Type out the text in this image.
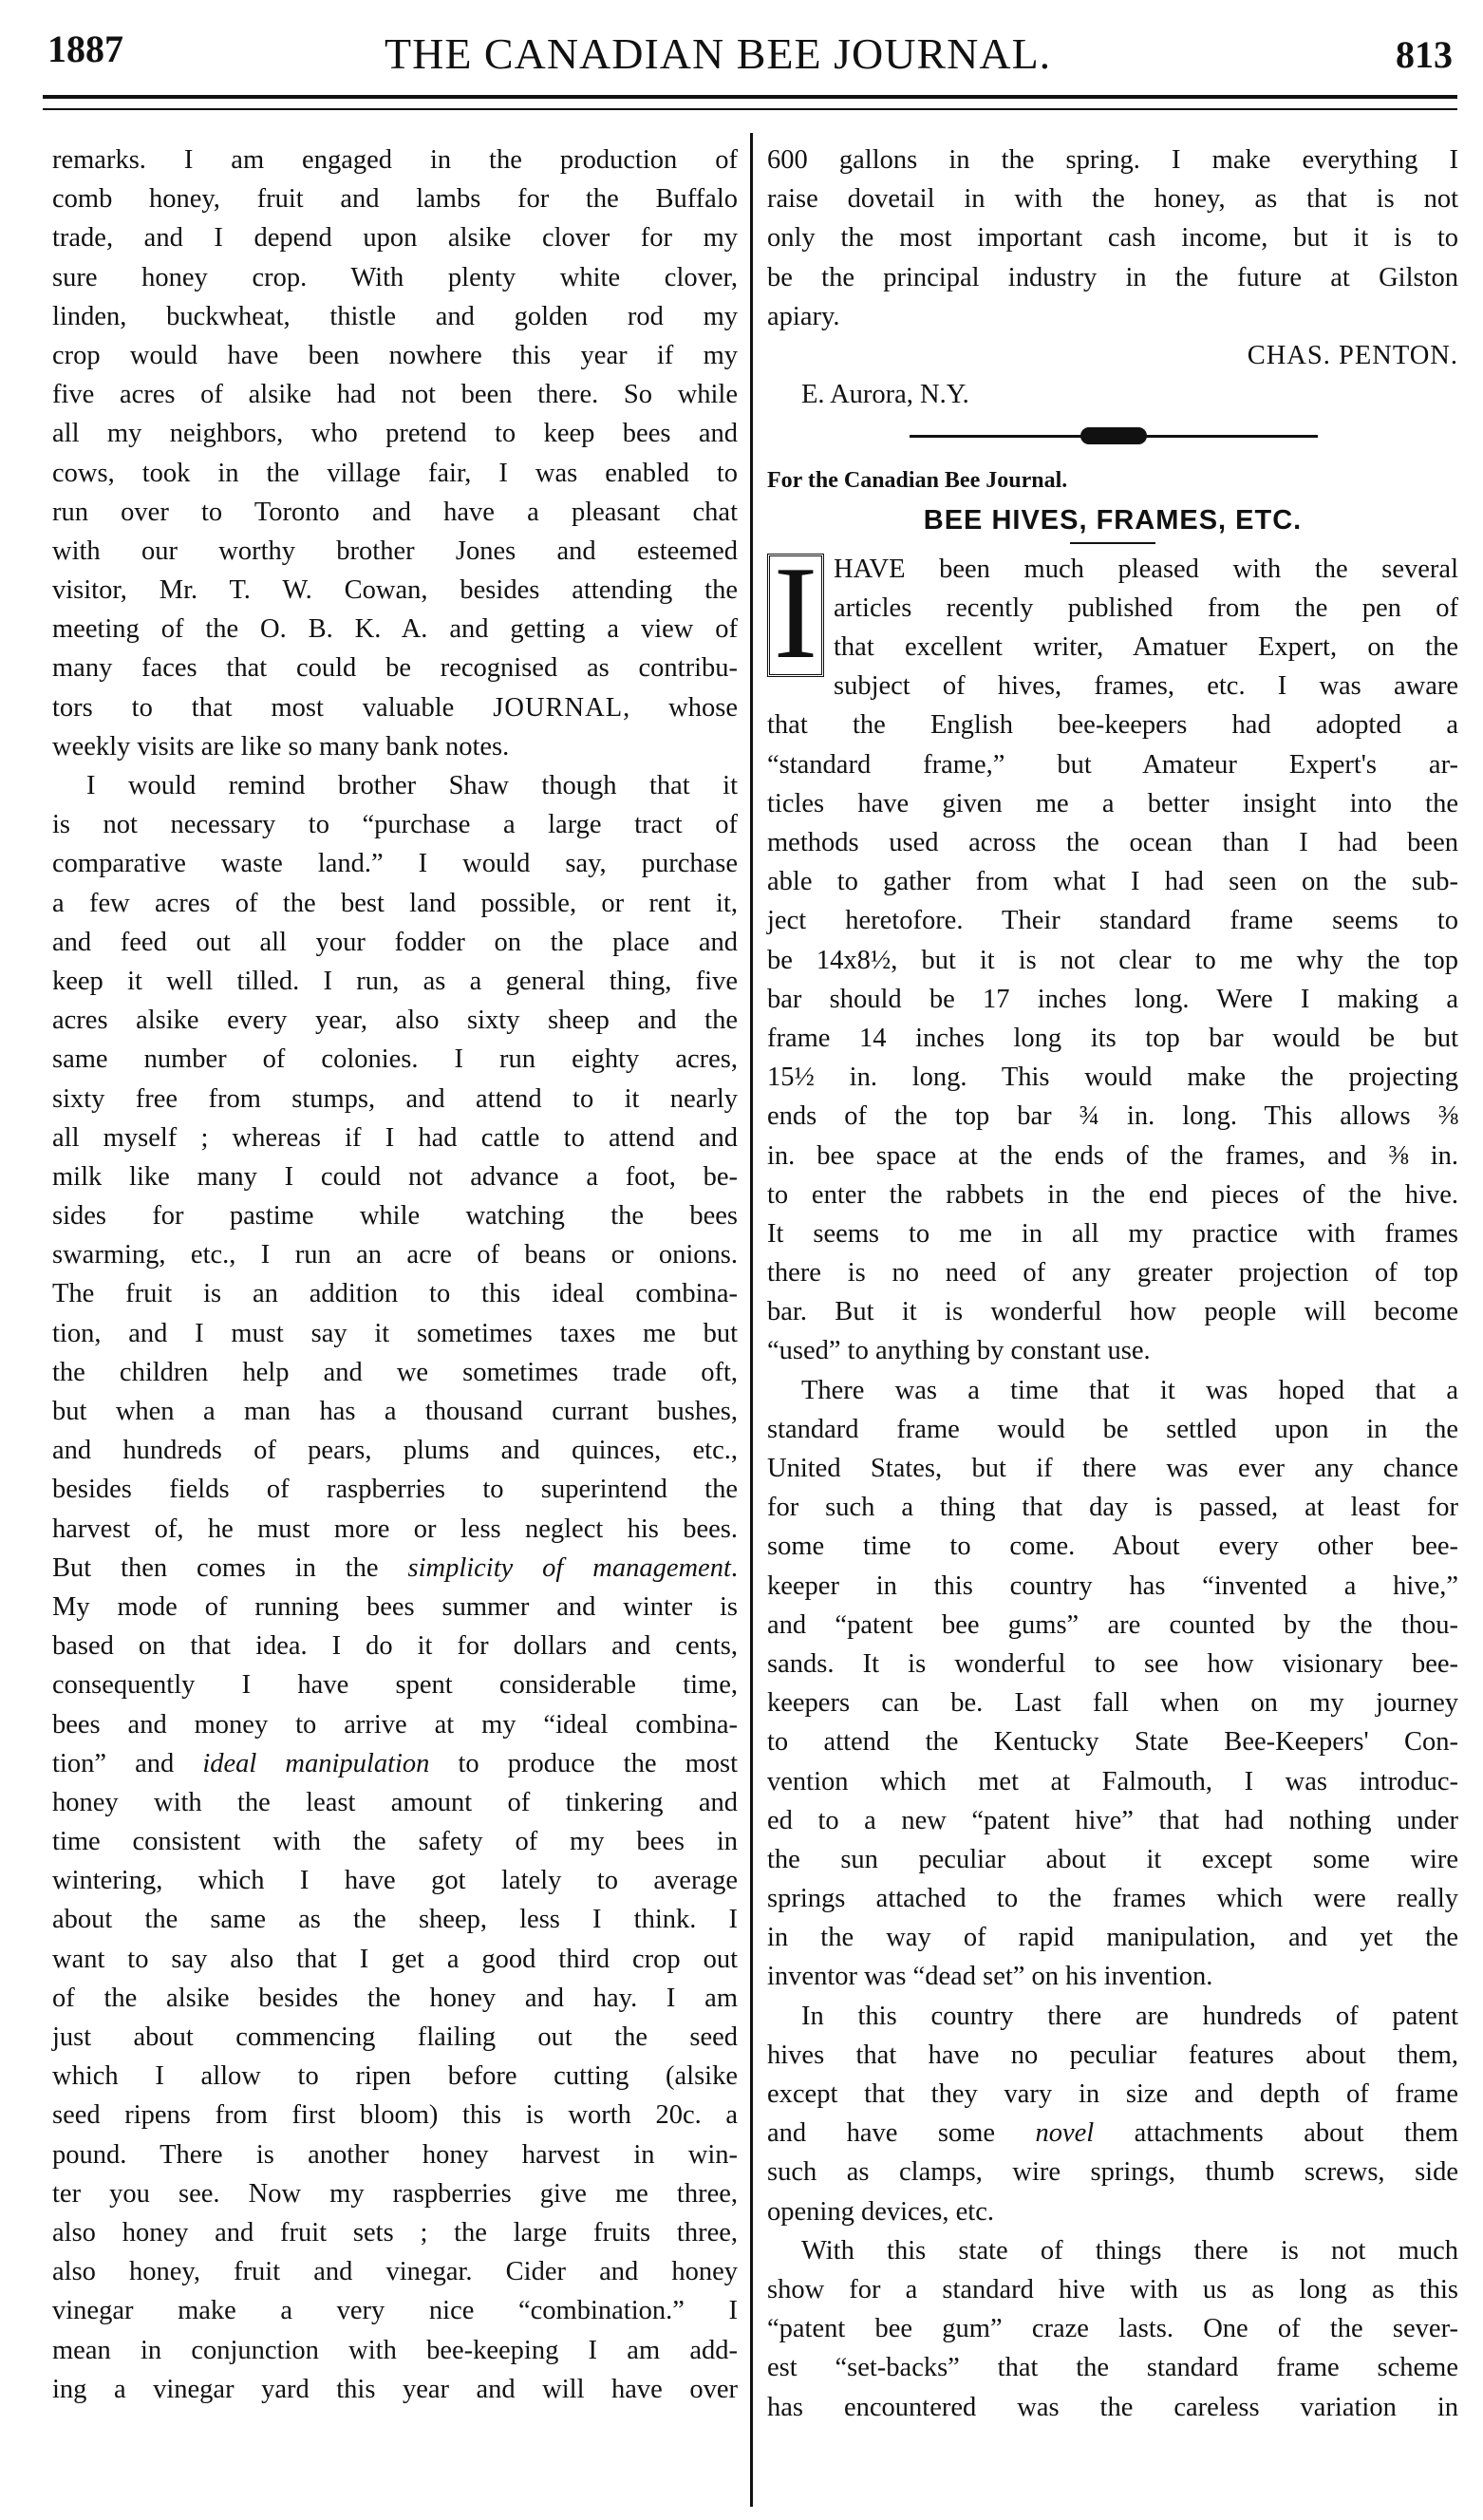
1887	THE CANADIAN BEE JOURNAL.	813
remarks. I am engaged in the production of
comb honey, fruit and lambs for the Buffalo
trade, and I depend upon alsike clover for my
sure honey crop. With plenty white clover,
linden, buckwheat, thistle and golden rod my
crop would have been nowhere this year if my
five acres of alsike had not been there. So while
all my neighbors, who pretend to keep bees and
cows, took in the village fair, I was enabled to
run over to Toronto and have a pleasant chat
with our worthy brother Jones and esteemed
visitor, Mr. T. W. Cowan, besides attending the
meeting of the O. B. K. A. and getting a view of
many faces that could be recognised as contribu-
tors to that most valuable JOURNAL, whose
weekly visits are like so many bank notes.
I would remind brother Shaw though that it
is not necessary to “purchase a large tract of
comparative waste land.” I would say, purchase
a few acres of the best land possible, or rent it,
and feed out all your fodder on the place and
keep it well tilled. I run, as a general thing, five
acres alsike every year, also sixty sheep and the
same number of colonies. I run eighty acres,
sixty free from stumps, and attend to it nearly
all myself ; whereas if I had cattle to attend and
milk like many I could not advance a foot, be-
sides for pastime while watching the bees
swarming, etc., I run an acre of beans or onions.
The fruit is an addition to this ideal combina-
tion, and I must say it sometimes taxes me but
the children help and we sometimes trade oft,
but when a man has a thousand currant bushes,
and hundreds of pears, plums and quinces, etc.,
besides fields of raspberries to superintend the
harvest of, he must more or less neglect his bees.
But then comes in the simplicity of management.
My mode of running bees summer and winter is
based on that idea. I do it for dollars and cents,
consequently I have spent considerable time,
bees and money to arrive at my “ideal combina-
tion” and ideal manipulation to produce the most
honey with the least amount of tinkering and
time consistent with the safety of my bees in
wintering, which I have got lately to average
about the same as the sheep, less I think. I
want to say also that I get a good third crop out
of the alsike besides the honey and hay. I am
just about commencing flailing out the seed
which I allow to ripen before cutting (alsike
seed ripens from first bloom) this is worth 20c. a
pound. There is another honey harvest in win-
ter you see. Now my raspberries give me three,
also honey and fruit sets ; the large fruits three,
also honey, fruit and vinegar. Cider and honey
vinegar make a very nice “combination.” I
mean in conjunction with bee-keeping I am add-
ing a vinegar yard this year and will have over
600 gallons in the spring. I make everything I
raise dovetail in with the honey, as that is not
only the most important cash income, but it is to
be the principal industry in the future at Gilston
apiary.
CHAS. PENTON.
E. Aurora, N.Y.
For the Canadian Bee Journal.
BEE HIVES, FRAMES, ETC.
I HAVE been much pleased with the several
articles recently published from the pen of
that excellent writer, Amatuer Expert, on the
subject of hives, frames, etc. I was aware
that the English bee-keepers had adopted a
“standard frame,” but Amateur Expert's ar-
ticles have given me a better insight into the
methods used across the ocean than I had been
able to gather from what I had seen on the sub-
ject heretofore. Their standard frame seems to
be 14x8½, but it is not clear to me why the top
bar should be 17 inches long. Were I making a
frame 14 inches long its top bar would be but
15½ in. long. This would make the projecting
ends of the top bar ¾ in. long. This allows ⅜
in. bee space at the ends of the frames, and ⅜ in.
to enter the rabbets in the end pieces of the hive.
It seems to me in all my practice with frames
there is no need of any greater projection of top
bar. But it is wonderful how people will become
“used” to anything by constant use.
There was a time that it was hoped that a
standard frame would be settled upon in the
United States, but if there was ever any chance
for such a thing that day is passed, at least for
some time to come. About every other bee-
keeper in this country has “invented a hive,”
and “patent bee gums” are counted by the thou-
sands. It is wonderful to see how visionary bee-
keepers can be. Last fall when on my journey
to attend the Kentucky State Bee-Keepers' Con-
vention which met at Falmouth, I was introduc-
ed to a new “patent hive” that had nothing under
the sun peculiar about it except some wire
springs attached to the frames which were really
in the way of rapid manipulation, and yet the
inventor was “dead set” on his invention.
In this country there are hundreds of patent
hives that have no peculiar features about them,
except that they vary in size and depth of frame
and have some novel attachments about them
such as clamps, wire springs, thumb screws, side
opening devices, etc.
With this state of things there is not much
show for a standard hive with us as long as this
“patent bee gum” craze lasts. One of the sever-
est “set-backs” that the standard frame scheme
has encountered was the careless variation in
